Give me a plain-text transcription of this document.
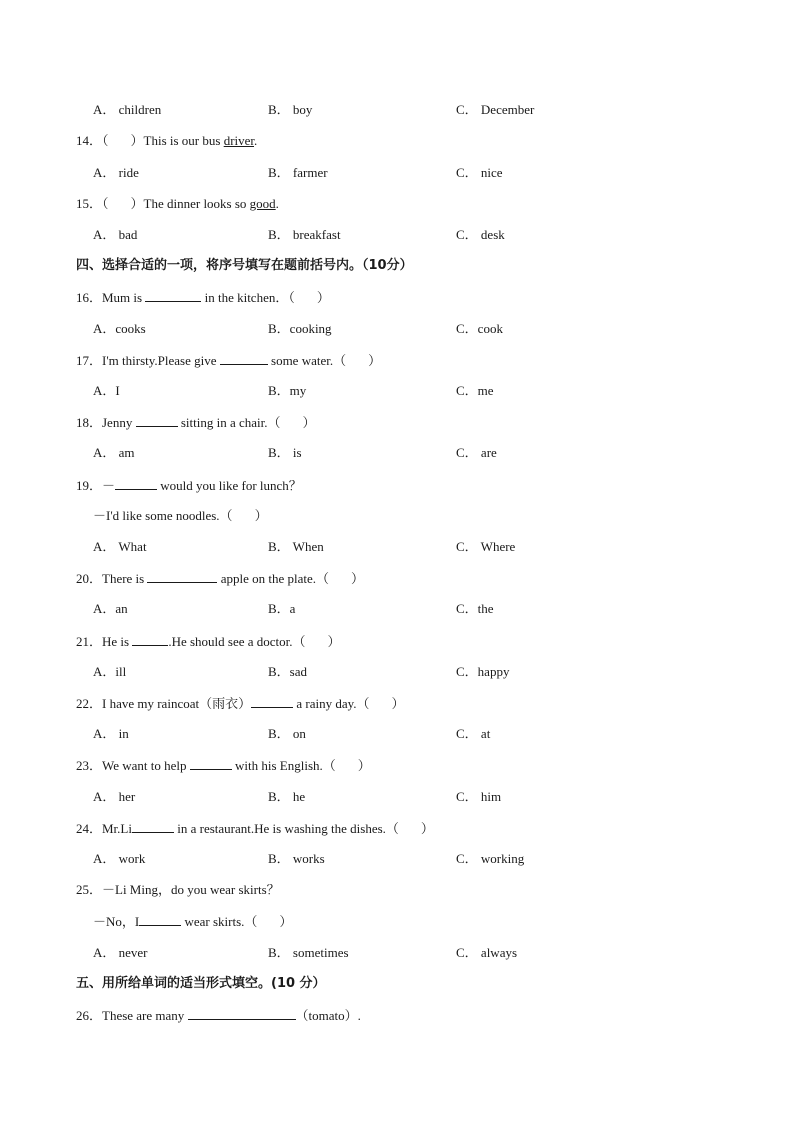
A． children	B． boy	C． December
14．（ ）This is our bus driver.
A． ride	B． farmer	C． nice
15．（ ）The dinner looks so good.
A． bad	B． breakfast	C． desk
四、选择合适的一项，将序号填写在题前括号内。（10分）
16．Mum is	in the kitchen．（ ）
A．cooks	B．cooking	C．cook
17．I'm thirsty.Please give	some water.（ ）
A．I	B．my	C．me
18．Jenny	sitting in a chair.（ ）
A． am	B． is	C． are
19．－	would you like for lunch？
－I'd like some noodles.（ ）
A． What	B． When	C． Where
20．There is	apple on the plate.（ ）
A．an	B．a	C．the
21．He is	.He should see a doctor.（ ）
A．ill	B．sad	C．happy
22．I have my raincoat（雨衣）	a rainy day.（ ）
A． in	B． on	C． at
23．We want to help	with his English.（ ）
A． her	B． he	C． him
24．Mr.Li	in a restaurant.He is washing the dishes.（ ）
A． work	B． works	C． working
25．－Li Ming，do you wear skirts？
－No，I	wear skirts.（ ）
A． never	B． sometimes	C． always
五、用所给单词的适当形式填空。(10 分）
26．These are many	（tomato）.
